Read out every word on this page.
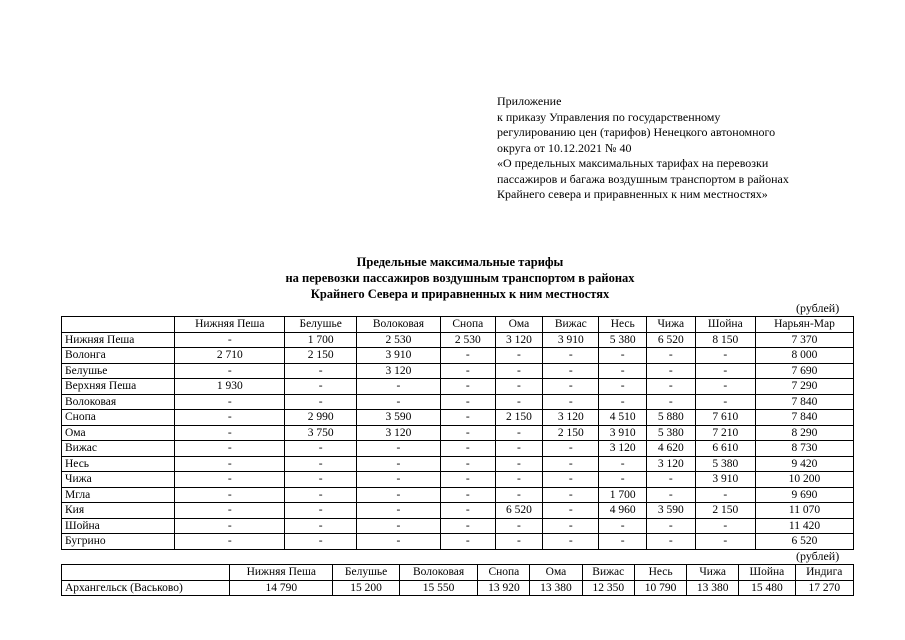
Приложение
к приказу Управления по государственному
регулированию цен (тарифов) Ненецкого автономного
округа от 10.12.2021 № 40
«О предельных максимальных тарифах на перевозки
пассажиров и багажа воздушным транспортом в районах
Крайнего севера и приравненных к ним местностях»
Предельные максимальные тарифы
на перевозки пассажиров воздушным транспортом в районах
Крайнего Севера и приравненных к ним местностях
(рублей)
	Нижняя Пеша	Белушье	Волоковая	Снопа	Ома	Вижас	Несь	Чижа	Шойна	Нарьян-Мар
Нижняя Пеша	-	1 700	2 530	2 530	3 120	3 910	5 380	6 520	8 150	7 370
Волонга	2 710	2 150	3 910	-	-	-	-	-	-	8 000
Белушье	-	-	3 120	-	-	-	-	-	-	7 690
Верхняя Пеша	1 930	-	-	-	-	-	-	-	-	7 290
Волоковая	-	-	-	-	-	-	-	-	-	7 840
Снопа	-	2 990	3 590	-	2 150	3 120	4 510	5 880	7 610	7 840
Ома	-	3 750	3 120	-	-	2 150	3 910	5 380	7 210	8 290
Вижас	-	-	-	-	-	-	3 120	4 620	6 610	8 730
Несь	-	-	-	-	-	-	-	3 120	5 380	9 420
Чижа	-	-	-	-	-	-	-	-	3 910	10 200
Мгла	-	-	-	-	-	-	1 700	-	-	9 690
Кия	-	-	-	-	6 520	-	4 960	3 590	2 150	11 070
Шойна	-	-	-	-	-	-	-	-	-	11 420
Бугрино	-	-	-	-	-	-	-	-	-	6 520
(рублей)
	Нижняя Пеша	Белушье	Волоковая	Снопа	Ома	Вижас	Несь	Чижа	Шойна	Индига
Архангельск (Васьково)	14 790	15 200	15 550	13 920	13 380	12 350	10 790	13 380	15 480	17 270
